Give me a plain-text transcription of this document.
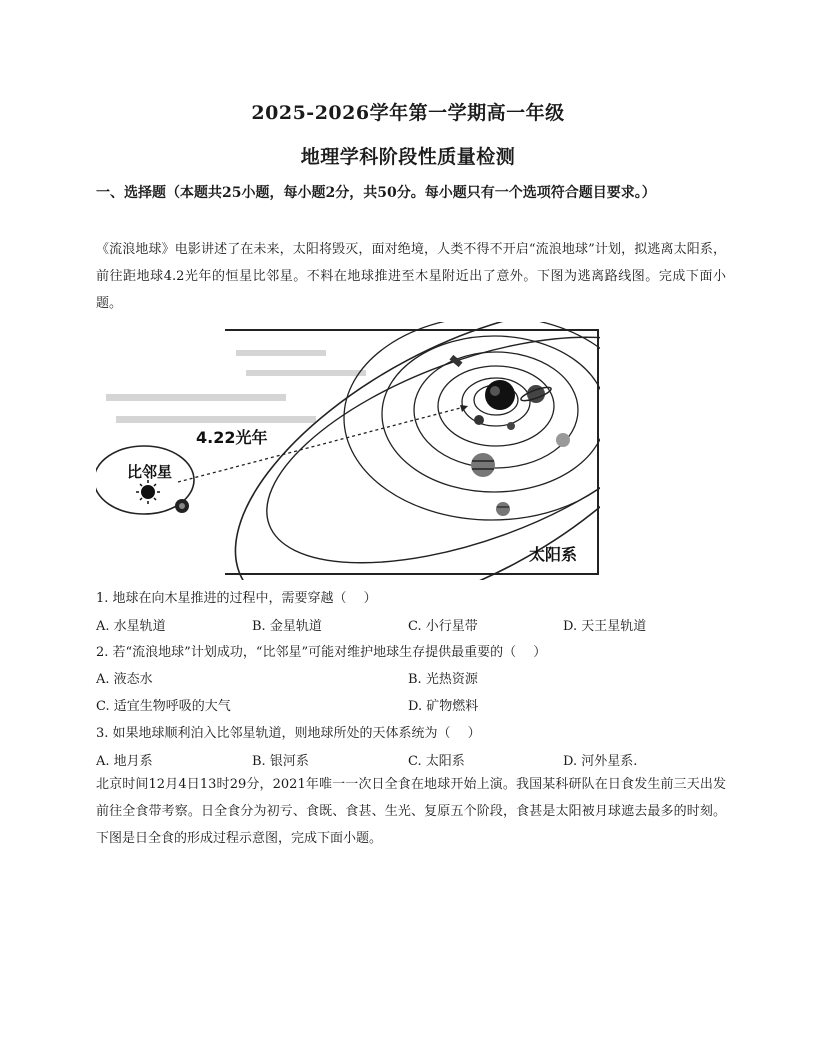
2025-2026学年第一学期高一年级
地理学科阶段性质量检测
一、选择题（本题共25小题，每小题2分，共50分。每小题只有一个选项符合题目要求。）
《流浪地球》电影讲述了在未来，太阳将毁灭，面对绝境，人类不得不开启“流浪地球”计划，拟逃离太阳系，前往距地球4.2光年的恒星比邻星。不料在地球推进至木星附近出了意外。下图为逃离路线图。完成下面小题。
比邻星
4.22光年
太阳系
1. 地球在向木星推进的过程中，需要穿越（　 ）
A. 水星轨道	B. 金星轨道	C. 小行星带	D. 天王星轨道
2. 若“流浪地球”计划成功，“比邻星”可能对维护地球生存提供最重要的（　 ）
A. 液态水	B. 光热资源
C. 适宜生物呼吸的大气	D. 矿物燃料
3. 如果地球顺利泊入比邻星轨道，则地球所处的天体系统为（　 ）
A. 地月系	B. 银河系	C. 太阳系	D. 河外星系.
北京时间12月4日13时29分，2021年唯一一次日全食在地球开始上演。我国某科研队在日食发生前三天出发前往全食带考察。日全食分为初亏、食既、食甚、生光、复原五个阶段，食甚是太阳被月球遮去最多的时刻。下图是日全食的形成过程示意图，完成下面小题。
